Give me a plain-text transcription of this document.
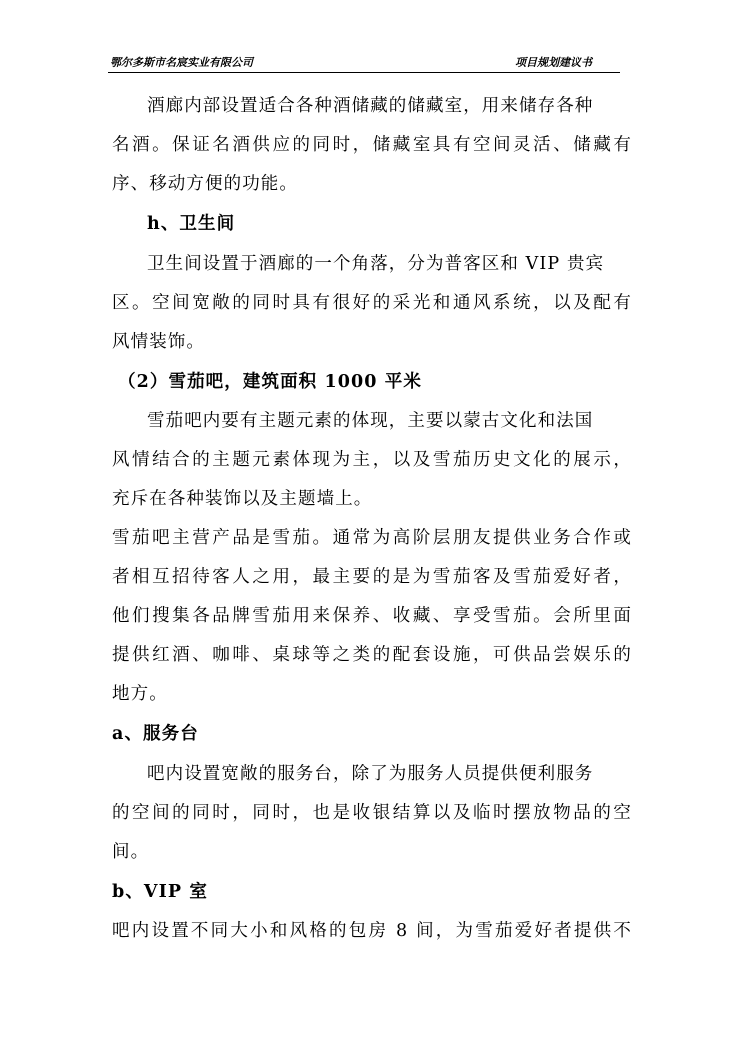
鄂尔多斯市名宸实业有限公司	项目规划建议书
酒廊内部设置适合各种酒储藏的储藏室，用来储存各种
名酒。保证名酒供应的同时，储藏室具有空间灵活、储藏有
序、移动方便的功能。
h、卫生间
卫生间设置于酒廊的一个角落，分为普客区和 VIP 贵宾
区。空间宽敞的同时具有很好的采光和通风系统，以及配有
风情装饰。
（2）雪茄吧，建筑面积 1000 平米
雪茄吧内要有主题元素的体现，主要以蒙古文化和法国
风情结合的主题元素体现为主，以及雪茄历史文化的展示，
充斥在各种装饰以及主题墙上。
雪茄吧主营产品是雪茄。通常为高阶层朋友提供业务合作或
者相互招待客人之用，最主要的是为雪茄客及雪茄爱好者，
他们搜集各品牌雪茄用来保养、收藏、享受雪茄。会所里面
提供红酒、咖啡、桌球等之类的配套设施，可供品尝娱乐的
地方。
a、服务台
吧内设置宽敞的服务台，除了为服务人员提供便利服务
的空间的同时，同时，也是收银结算以及临时摆放物品的空
间。
b、VIP 室
吧内设置不同大小和风格的包房 8 间，为雪茄爱好者提供不
